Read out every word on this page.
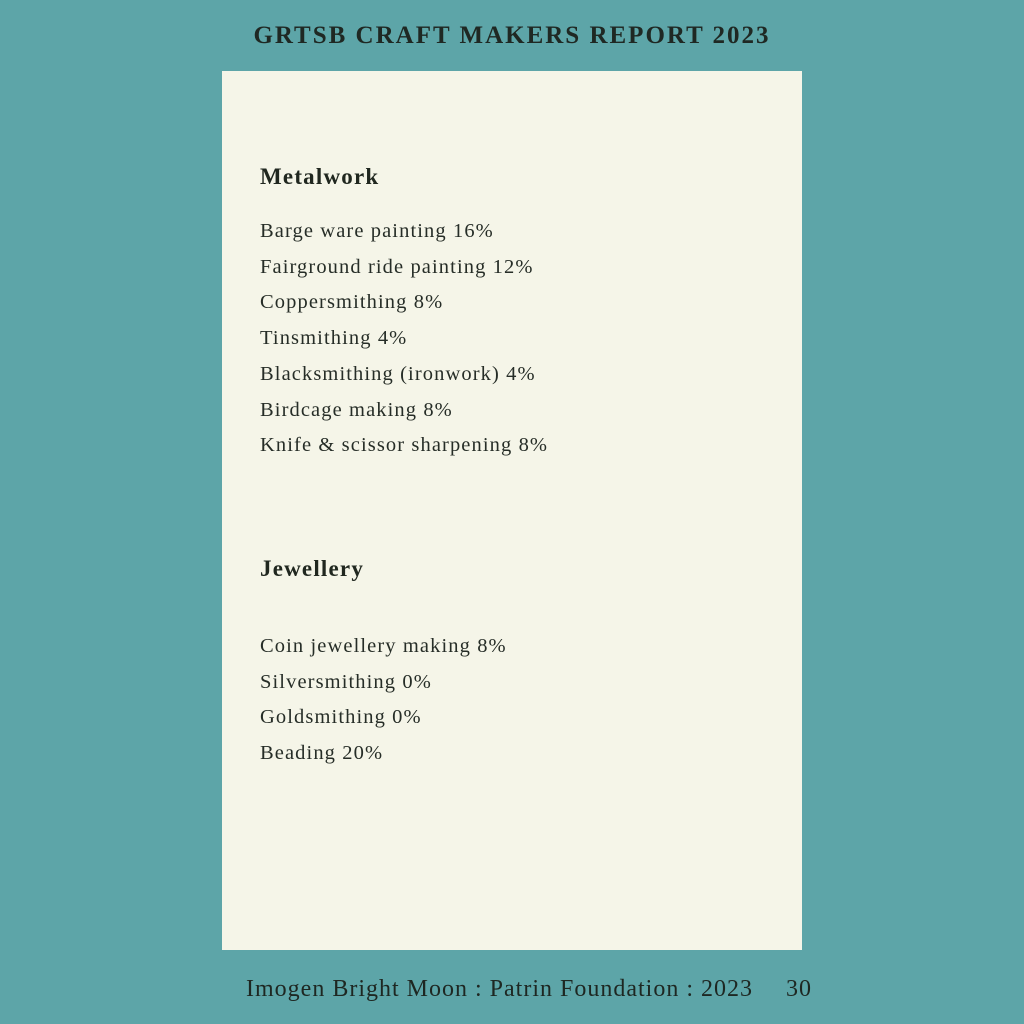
GRTSB CRAFT MAKERS REPORT 2023
Metalwork
Barge ware painting 16%
Fairground ride painting 12%
Coppersmithing 8%
Tinsmithing 4%
Blacksmithing (ironwork) 4%
Birdcage making 8%
Knife & scissor sharpening 8%
Jewellery
Coin jewellery making 8%
Silversmithing 0%
Goldsmithing 0%
Beading 20%
Imogen Bright Moon : Patrin Foundation : 2023 30
